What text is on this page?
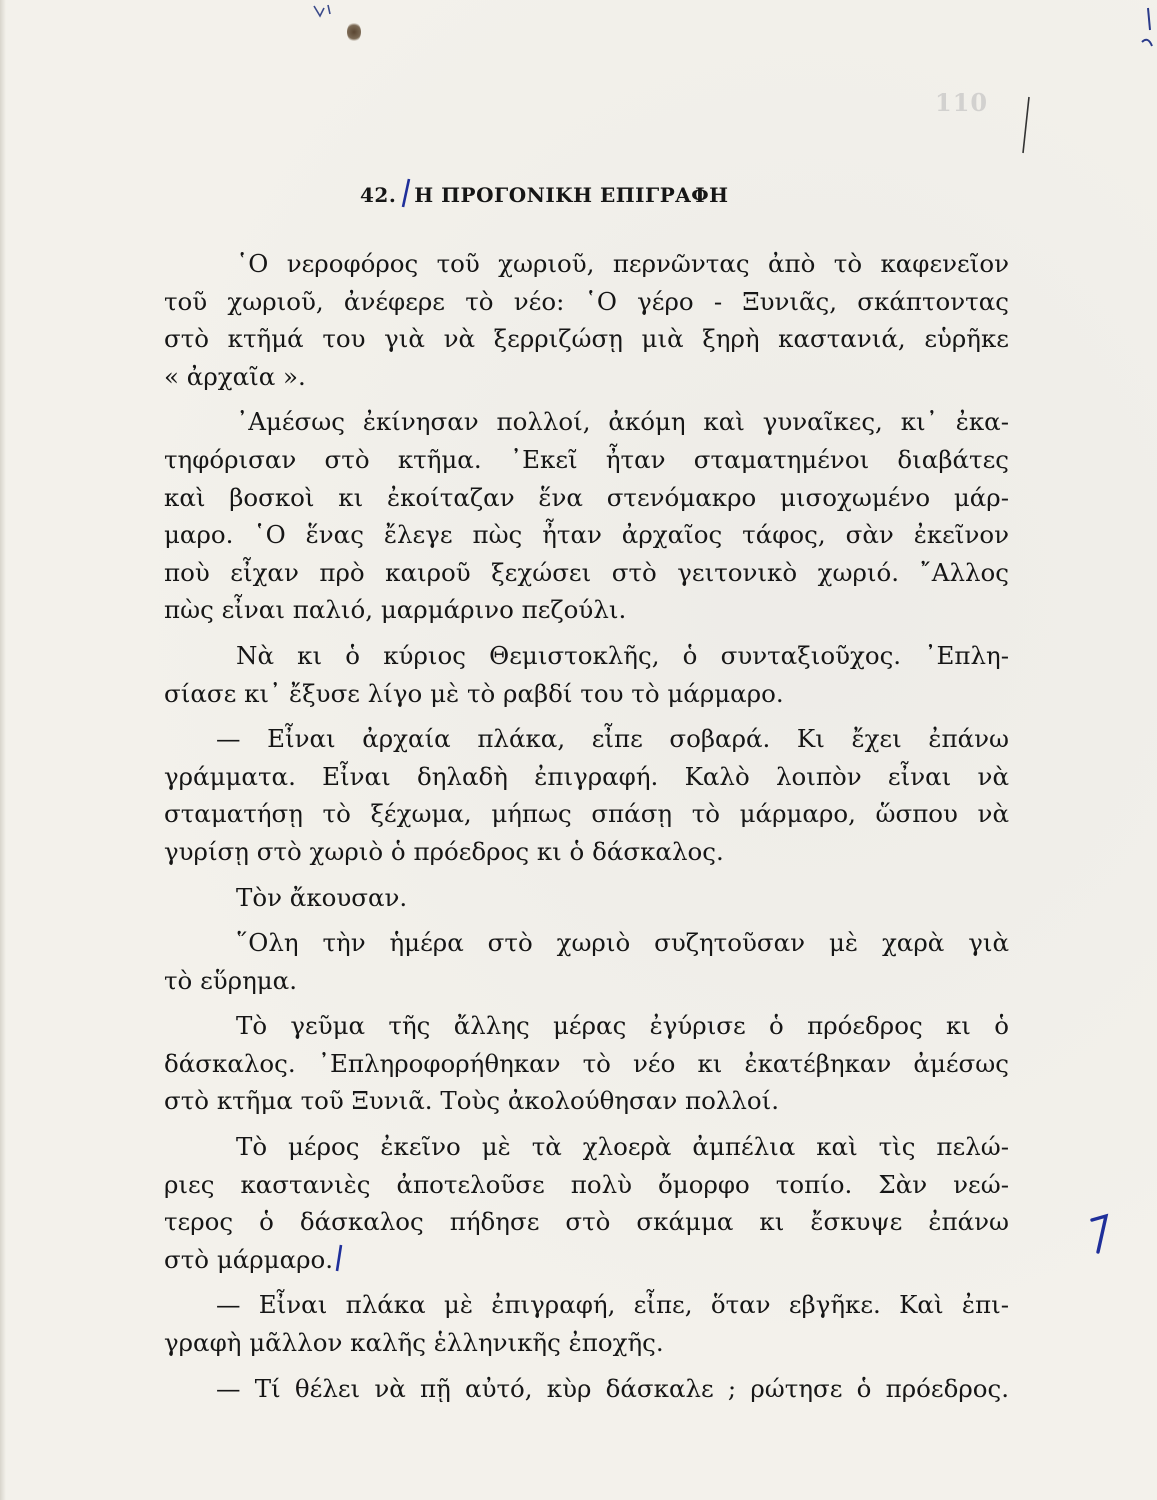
110
42. Η ΠΡΟΓΟΝΙΚΗ ΕΠΙΓΡΑΦΗ
῾Ο νεροφόρος τοῦ χωριοῦ, περνῶντας ἀπὸ τὸ καφενεῖον
τοῦ χωριοῦ, ἀνέφερε τὸ νέο: ῾Ο γέρο - Ξυνιᾶς, σκάπτοντας
στὸ κτῆμά του γιὰ νὰ ξερριζώσῃ μιὰ ξηρὴ καστανιά, εὑρῆκε
« ἀρχαῖα ».
᾿Αμέσως ἐκίνησαν πολλοί, ἀκόμη καὶ γυναῖκες, κι᾿ ἐκα-
τηφόρισαν στὸ κτῆμα. ᾿Εκεῖ ἦταν σταματημένοι διαβάτες
καὶ βοσκοὶ κι ἐκοίταζαν ἕνα στενόμακρο μισοχωμένο μάρ-
μαρο. ῾Ο ἕνας ἔλεγε πὼς ἦταν ἀρχαῖος τάφος, σὰν ἐκεῖνον
ποὺ εἶχαν πρὸ καιροῦ ξεχώσει στὸ γειτονικὸ χωριό. ῎Αλλος
πὼς εἶναι παλιό, μαρμάρινο πεζούλι.
Νὰ κι ὁ κύριος Θεμιστοκλῆς, ὁ συνταξιοῦχος. ᾿Επλη-
σίασε κι᾿ ἔξυσε λίγο μὲ τὸ ραβδί του τὸ μάρμαρο.
— Εἶναι ἀρχαία πλάκα, εἶπε σοβαρά. Κι ἔχει ἐπάνω
γράμματα. Εἶναι δηλαδὴ ἐπιγραφή. Καλὸ λοιπὸν εἶναι νὰ
σταματήσῃ τὸ ξέχωμα, μήπως σπάσῃ τὸ μάρμαρο, ὥσπου νὰ
γυρίσῃ στὸ χωριὸ ὁ πρόεδρος κι ὁ δάσκαλος.
Τὸν ἄκουσαν.
῞Ολη τὴν ἡμέρα στὸ χωριὸ συζητοῦσαν μὲ χαρὰ γιὰ
τὸ εὕρημα.
Τὸ γεῦμα τῆς ἄλλης μέρας ἐγύρισε ὁ πρόεδρος κι ὁ
δάσκαλος. ᾿Επληροφορήθηκαν τὸ νέο κι ἐκατέβηκαν ἀμέσως
στὸ κτῆμα τοῦ Ξυνιᾶ. Τοὺς ἀκολούθησαν πολλοί.
Τὸ μέρος ἐκεῖνο μὲ τὰ χλοερὰ ἀμπέλια καὶ τὶς πελώ-
ριες καστανιὲς ἀποτελοῦσε πολὺ ὄμορφο τοπίο. Σὰν νεώ-
τερος ὁ δάσκαλος πήδησε στὸ σκάμμα κι ἔσκυψε ἐπάνω
στὸ μάρμαρο.
— Εἶναι πλάκα μὲ ἐπιγραφή, εἶπε, ὅταν εβγῆκε. Καὶ ἐπι-
γραφὴ μᾶλλον καλῆς ἑλληνικῆς ἐποχῆς.
— Τί θέλει νὰ πῇ αὐτό, κὺρ δάσκαλε ; ρώτησε ὁ πρόεδρος.
